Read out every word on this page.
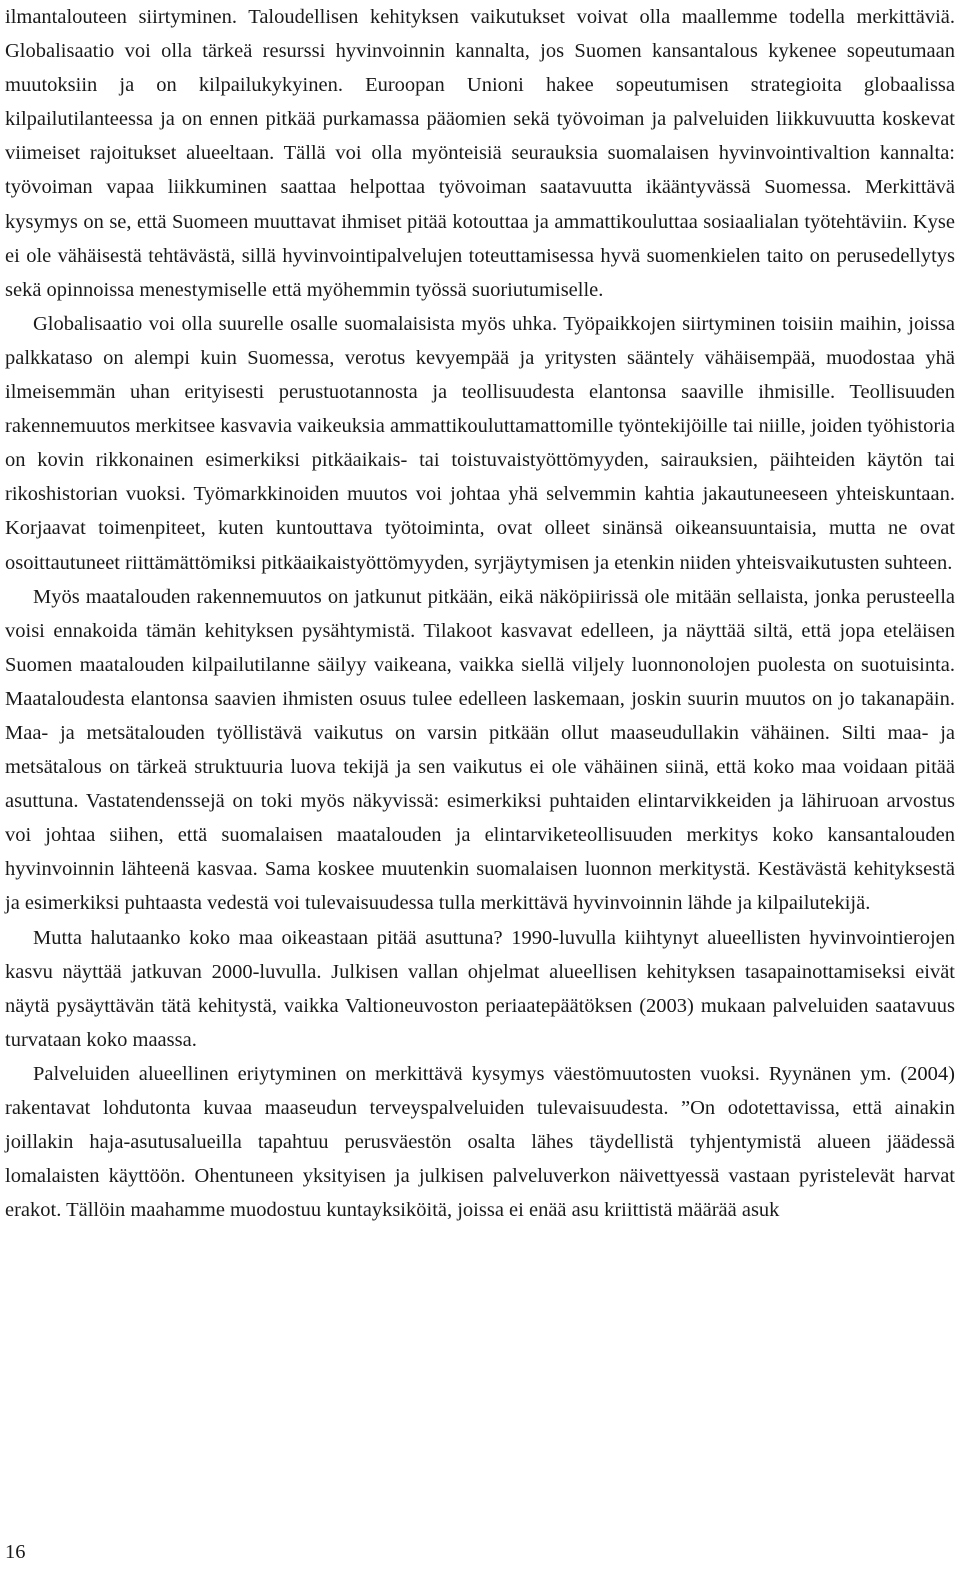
ilmantalouteen siirtyminen. Taloudellisen kehityksen vaikutukset voivat olla maallemme todella merkittäviä. Globalisaatio voi olla tärkeä resurssi hyvinvoinnin kannalta, jos Suomen kansantalous kykenee sopeutumaan muutoksiin ja on kilpailukykyinen. Euroopan Unioni hakee sopeutumisen strategioita globaalissa kilpailutilanteessa ja on ennen pitkää purkamassa pääomien sekä työvoiman ja palveluiden liikkuvuutta koskevat viimeiset rajoitukset alueeltaan. Tällä voi olla myönteisiä seurauksia suomalaisen hyvinvointivaltion kannalta: työvoiman vapaa liikkuminen saattaa helpottaa työvoiman saatavuutta ikääntyvässä Suomessa. Merkittävä kysymys on se, että Suomeen muuttavat ihmiset pitää kotouttaa ja ammattikouluttaa sosiaalialan työtehtäviin. Kyse ei ole vähäisestä tehtävästä, sillä hyvinvointipalvelujen toteuttamisessa hyvä suomenkielen taito on perusedellytys sekä opinnoissa menestymiselle että myöhemmin työssä suoriutumiselle.

Globalisaatio voi olla suurelle osalle suomalaisista myös uhka. Työpaikkojen siirtyminen toisiin maihin, joissa palkkataso on alempi kuin Suomessa, verotus kevyempää ja yritysten sääntely vähäisempää, muodostaa yhä ilmeisemmän uhan erityisesti perustuotannosta ja teollisuudesta elantonsa saaville ihmisille. Teollisuuden rakennemuutos merkitsee kasvavia vaikeuksia ammattikouluttamattomille työntekijöille tai niille, joiden työhistoria on kovin rikkonainen esimerkiksi pitkäaikais- tai toistuvaistyöttömyyden, sairauksien, päihteiden käytön tai rikoshistorian vuoksi. Työmarkkinoiden muutos voi johtaa yhä selvemmin kahtia jakautuneeseen yhteiskuntaan. Korjaavat toimenpiteet, kuten kuntouttava työtoiminta, ovat olleet sinänsä oikeansuuntaisia, mutta ne ovat osoittautuneet riittämättömiksi pitkäaikaistyöttömyyden, syrjäytymisen ja etenkin niiden yhteisvaikutusten suhteen.

Myös maatalouden rakennemuutos on jatkunut pitkään, eikä näköpiirissä ole mitään sellaista, jonka perusteella voisi ennakoida tämän kehityksen pysähtymistä. Tilakoot kasvavat edelleen, ja näyttää siltä, että jopa eteläisen Suomen maatalouden kilpailutilanne säilyy vaikeana, vaikka siellä viljely luonnonolojen puolesta on suotuisinta. Maataloudesta elantonsa saavien ihmisten osuus tulee edelleen laskemaan, joskin suurin muutos on jo takanapäin. Maa- ja metsätalouden työllistävä vaikutus on varsin pitkään ollut maaseudullakin vähäinen. Silti maa- ja metsätalous on tärkeä struktuuria luova tekijä ja sen vaikutus ei ole vähäinen siinä, että koko maa voidaan pitää asuttuna. Vastatendenssejä on toki myös näkyvissä: esimerkiksi puhtaiden elintarvikkeiden ja lähiruoan arvostus voi johtaa siihen, että suomalaisen maatalouden ja elintarviketeollisuuden merkitys koko kansantalouden hyvinvoinnin lähteenä kasvaa. Sama koskee muutenkin suomalaisen luonnon merkitystä. Kestävästä kehityksestä ja esimerkiksi puhtaasta vedestä voi tulevaisuudessa tulla merkittävä hyvinvoinnin lähde ja kilpailutekijä.

Mutta halutaanko koko maa oikeastaan pitää asuttuna? 1990-luvulla kiihtynyt alueellisten hyvinvointierojen kasvu näyttää jatkuvan 2000-luvulla. Julkisen vallan ohjelmat alueellisen kehityksen tasapainottamiseksi eivät näytä pysäyttävän tätä kehitystä, vaikka Valtioneuvoston periaatepäätöksen (2003) mukaan palveluiden saatavuus turvataan koko maassa.

Palveluiden alueellinen eriytyminen on merkittävä kysymys väestömuutosten vuoksi. Ryynänen ym. (2004) rakentavat lohdutonta kuvaa maaseudun terveyspalveluiden tulevaisuudesta. ”On odotettavissa, että ainakin joillakin haja-asutusalueilla tapahtuu perusväestön osalta lähes täydellistä tyhjentymistä alueen jäädessä lomalaisten käyttöön. Ohentuneen yksityisen ja julkisen palveluverkon näivettyessä vastaan pyristelevät harvat erakot. Tällöin maahamme muodostuu kuntayksiköitä, joissa ei enää asu kriittistä määrää asuk

16
